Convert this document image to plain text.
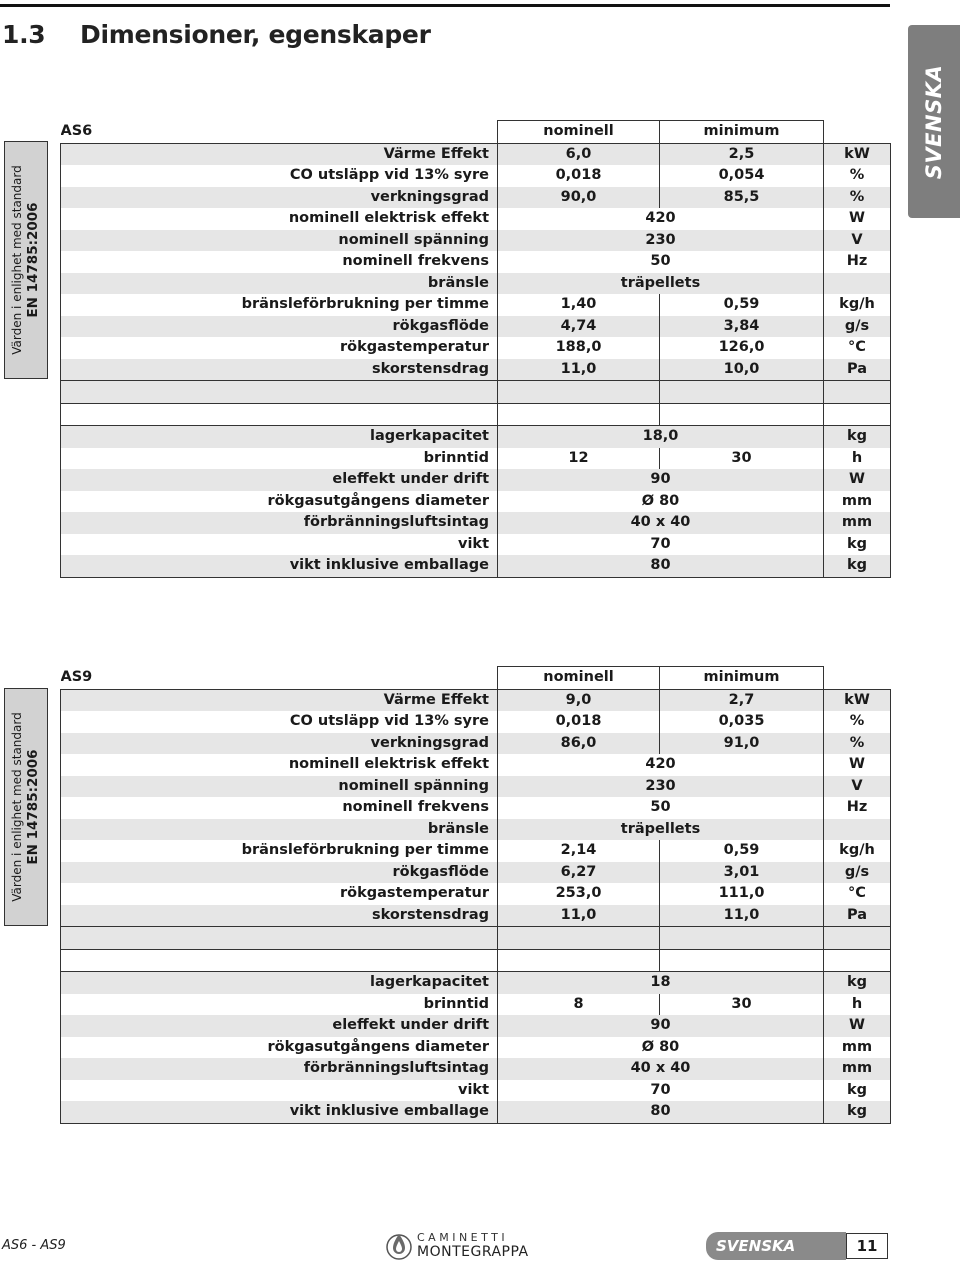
1.3 Dimensioner, egenskaper
SVENSKA
Värden i enlighet med standard EN 14785:2006
Värden i enlighet med standard EN 14785:2006
AS6	nominell	minimum	
Värme Effekt	6,0	2,5	kW
CO utsläpp vid 13% syre	0,018	0,054	%
verkningsgrad	90,0	85,5	%
nominell elektrisk effekt	420		W
nominell spänning	230		V
nominell frekvens	50		Hz
bränsle	träpellets		
bränsleförbrukning per timme	1,40	0,59	kg/h
rökgasflöde	4,74	3,84	g/s
rökgastemperatur	188,0	126,0	°C
skorstensdrag	11,0	10,0	Pa

lagerkapacitet	18,0		kg
brinntid	12	30	h
eleffekt under drift	90		W
rökgasutgångens diameter	Ø 80		mm
förbränningsluftsintag	40 x 40		mm
vikt	70		kg
vikt inklusive emballage	80		kg
AS9	nominell	minimum	
Värme Effekt	9,0	2,7	kW
CO utsläpp vid 13% syre	0,018	0,035	%
verkningsgrad	86,0	91,0	%
nominell elektrisk effekt	420		W
nominell spänning	230		V
nominell frekvens	50		Hz
bränsle	träpellets		
bränsleförbrukning per timme	2,14	0,59	kg/h
rökgasflöde	6,27	3,01	g/s
rökgastemperatur	253,0	111,0	°C
skorstensdrag	11,0	11,0	Pa

lagerkapacitet	18		kg
brinntid	8	30	h
eleffekt under drift	90		W
rökgasutgångens diameter	Ø 80		mm
förbränningsluftsintag	40 x 40		mm
vikt	70		kg
vikt inklusive emballage	80		kg
AS6 - AS9
CAMINETTI
MONTEGRAPPA	SVENSKA	11
